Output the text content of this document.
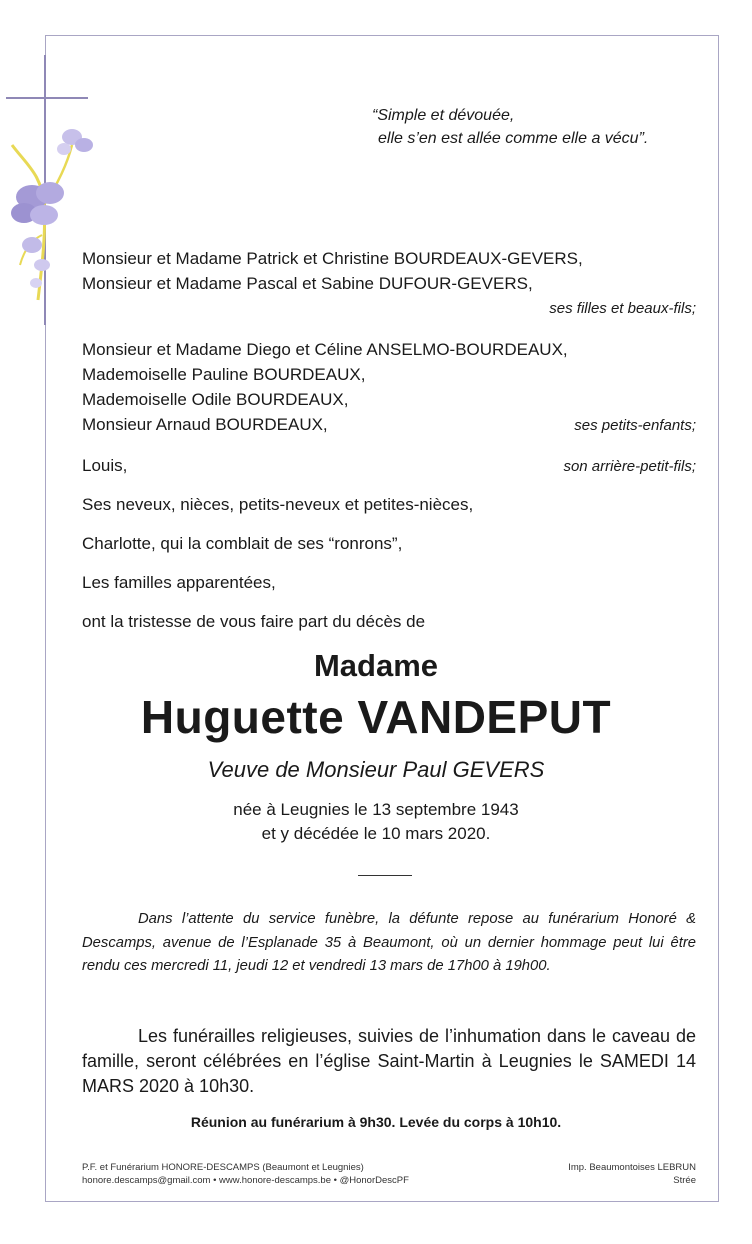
“Simple et dévouée,
elle s’en est allée comme elle a vécu”.
Monsieur et Madame Patrick et Christine BOURDEAUX-GEVERS,
Monsieur et Madame Pascal et Sabine DUFOUR-GEVERS,
ses filles et beaux-fils;
Monsieur et Madame Diego et Céline ANSELMO-BOURDEAUX,
Mademoiselle Pauline BOURDEAUX,
Mademoiselle Odile BOURDEAUX,
Monsieur Arnaud BOURDEAUX,	ses petits-enfants;
Louis,	son arrière-petit-fils;
Ses neveux, nièces, petits-neveux et petites-nièces,
Charlotte, qui la comblait de ses “ronrons”,
Les familles apparentées,
ont la tristesse de vous faire part du décès de
Madame
Huguette VANDEPUT
Veuve de Monsieur Paul GEVERS
née à Leugnies le 13 septembre 1943
et y décédée le 10 mars 2020.
Dans l’attente du service funèbre, la défunte repose au funérarium Honoré & Descamps, avenue de l’Esplanade 35 à Beaumont, où un dernier hommage peut lui être rendu ces mercredi 11, jeudi 12 et vendredi 13 mars de 17h00 à 19h00.
Les funérailles religieuses, suivies de l’inhumation dans le caveau de famille, seront célébrées en l’église Saint-Martin à Leugnies le SAMEDI 14 MARS 2020 à 10h30.
Réunion au funérarium à 9h30. Levée du corps à 10h10.
P.F. et Funérarium HONORE-DESCAMPS (Beaumont et Leugnies)
honore.descamps@gmail.com • www.honore-descamps.be • @HonorDescPF
Imp. Beaumontoises LEBRUN
Strée
